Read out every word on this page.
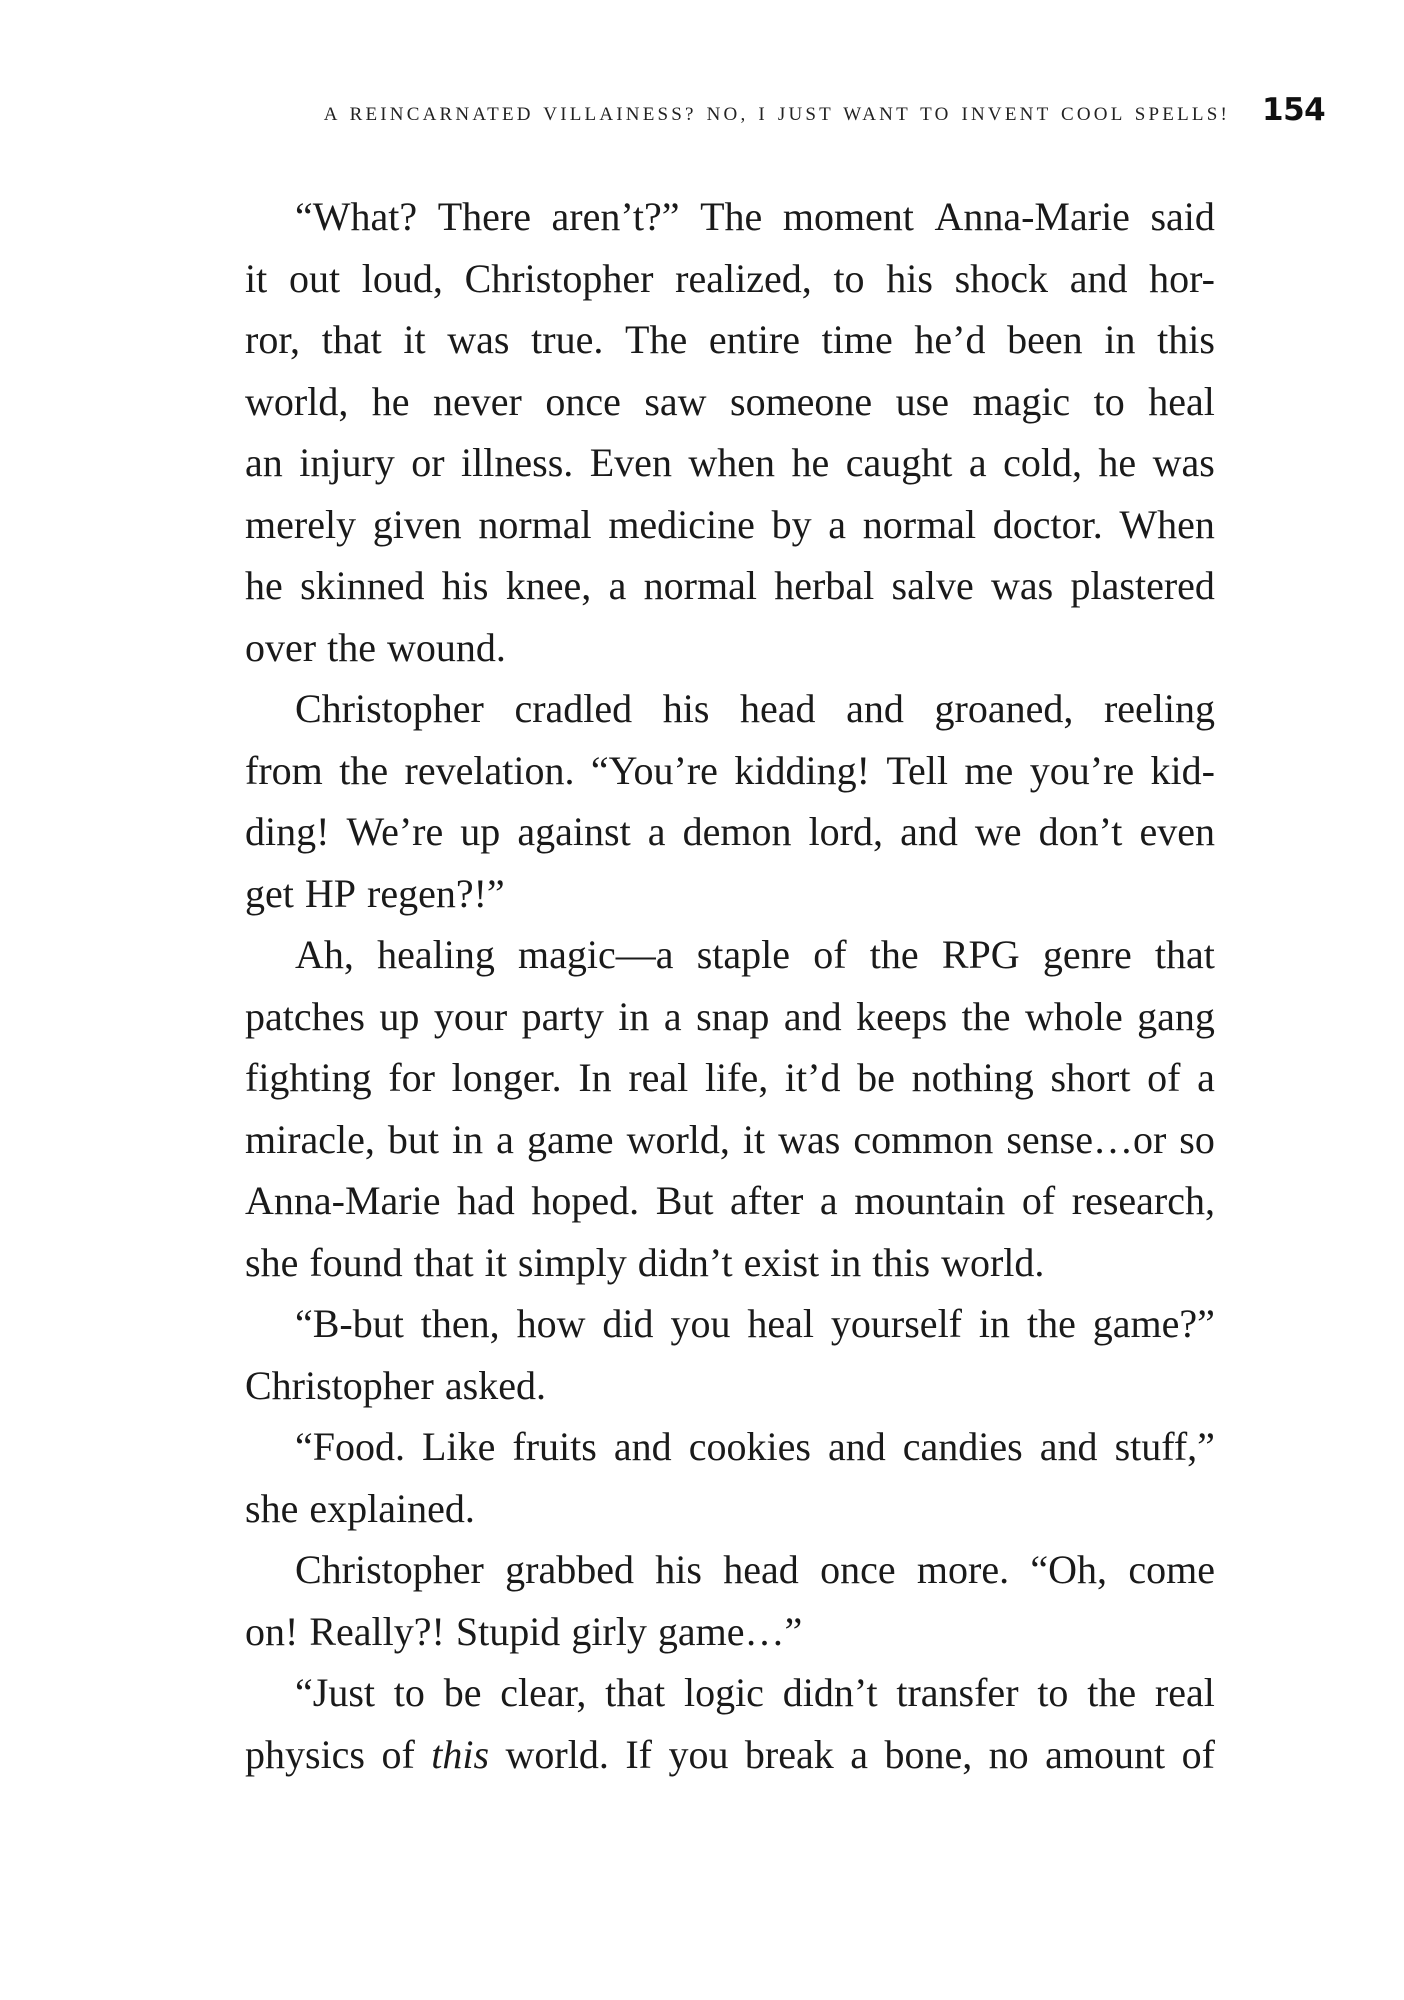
A REINCARNATED VILLAINESS? NO, I JUST WANT TO INVENT COOL SPELLS! 154
“What? There aren’t?” The moment Anna-Marie said
it out loud, Christopher realized, to his shock and hor-
ror, that it was true. The entire time he’d been in this
world, he never once saw someone use magic to heal
an injury or illness. Even when he caught a cold, he was
merely given normal medicine by a normal doctor. When
he skinned his knee, a normal herbal salve was plastered
over the wound.
Christopher cradled his head and groaned, reeling
from the revelation. “You’re kidding! Tell me you’re kid-
ding! We’re up against a demon lord, and we don’t even
get HP regen?!”
Ah, healing magic—a staple of the RPG genre that
patches up your party in a snap and keeps the whole gang
fighting for longer. In real life, it’d be nothing short of a
miracle, but in a game world, it was common sense…or so
Anna-Marie had hoped. But after a mountain of research,
she found that it simply didn’t exist in this world.
“B-but then, how did you heal yourself in the game?”
Christopher asked.
“Food. Like fruits and cookies and candies and stuff,”
she explained.
Christopher grabbed his head once more. “Oh, come
on! Really?! Stupid girly game…”
“Just to be clear, that logic didn’t transfer to the real
physics of this world. If you break a bone, no amount of
